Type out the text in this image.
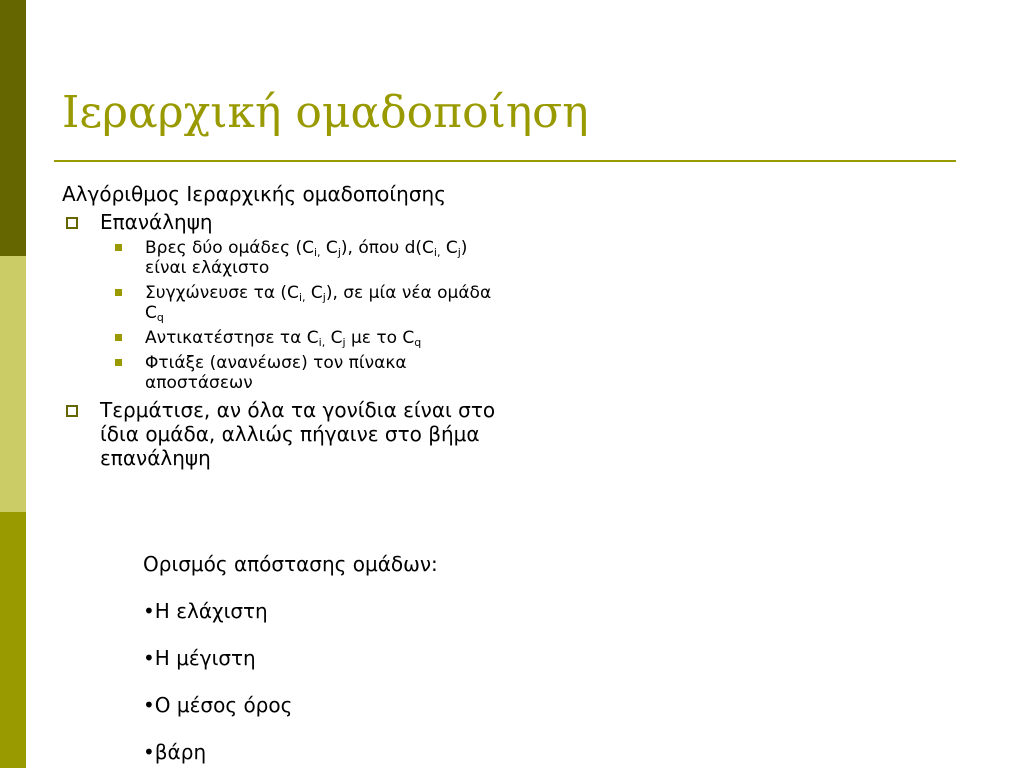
Ιεραρχική ομαδοποίηση

Αλγόριθμος Ιεραρχικής ομαδοποίησης

Επανάληψη
Βρες δύο ομάδες ($C_{i,}$ $C_j$), όπου $d(C_{i,}$ $C_j$)
είναι ελάχιστο
Συγχώνευσε τα ($C_{i,}$ $C_j$), σε μία νέα ομάδα
$C_q$
Αντικατέστησε τα $C_{i,}$ $C_j$ με το $C_q$
Φτιάξε (ανανέωσε) τον πίνακα
αποστάσεων
Τερμάτισε, αν όλα τα γονίδια είναι στο
ίδια ομάδα, αλλιώς πήγαινε στο βήμα
επανάληψη

Ορισμός απόστασης ομάδων:

•Η ελάχιστη

•Η μέγιστη

•Ο μέσος όρος

•βάρη
